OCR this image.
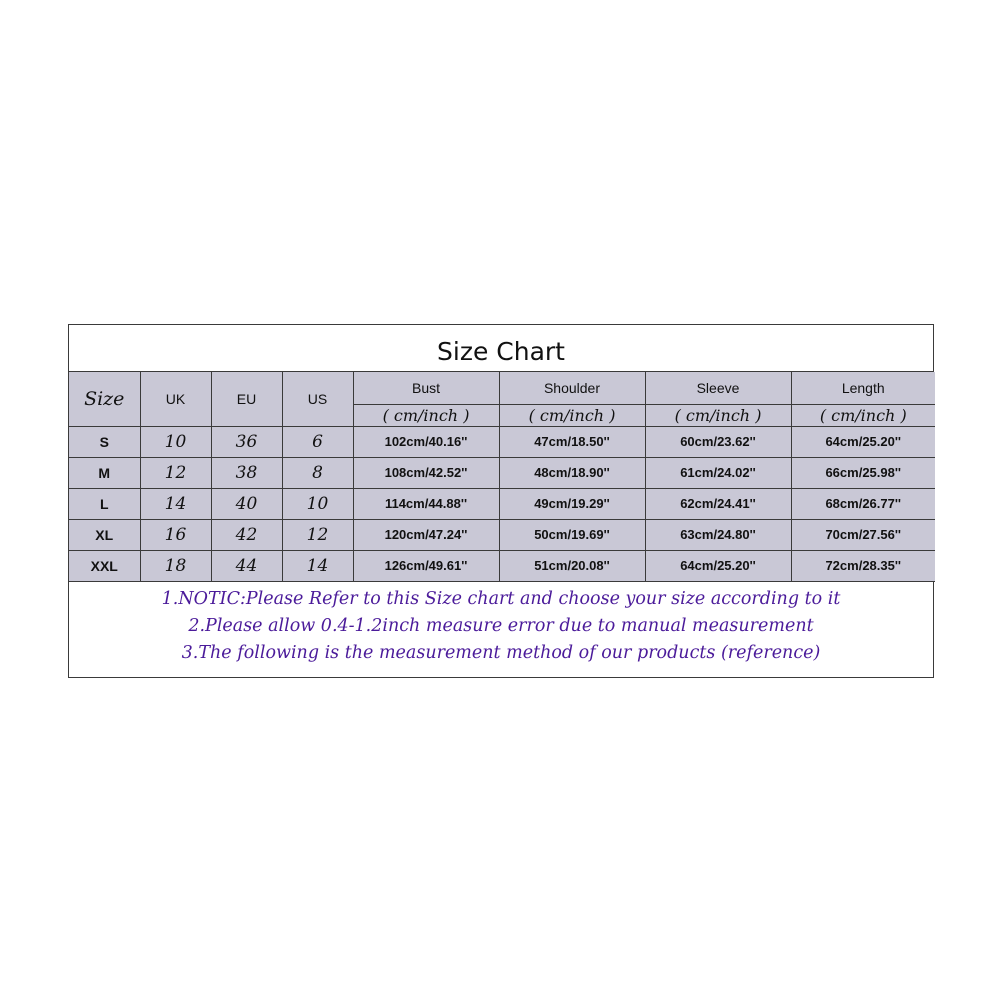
Size Chart
Size	UK	EU	US	Bust	Shoulder	Sleeve	Length
				( cm/inch )	( cm/inch )	( cm/inch )	( cm/inch )
S	10	36	6	102cm/40.16''	47cm/18.50''	60cm/23.62''	64cm/25.20''
M	12	38	8	108cm/42.52''	48cm/18.90''	61cm/24.02''	66cm/25.98''
L	14	40	10	114cm/44.88''	49cm/19.29''	62cm/24.41''	68cm/26.77''
XL	16	42	12	120cm/47.24''	50cm/19.69''	63cm/24.80''	70cm/27.56''
XXL	18	44	14	126cm/49.61''	51cm/20.08''	64cm/25.20''	72cm/28.35''
1.NOTIC:Please Refer to this Size chart and choose your size according to it
2.Please allow 0.4-1.2inch measure error due to manual measurement
3.The following is the measurement method of our products (reference)
